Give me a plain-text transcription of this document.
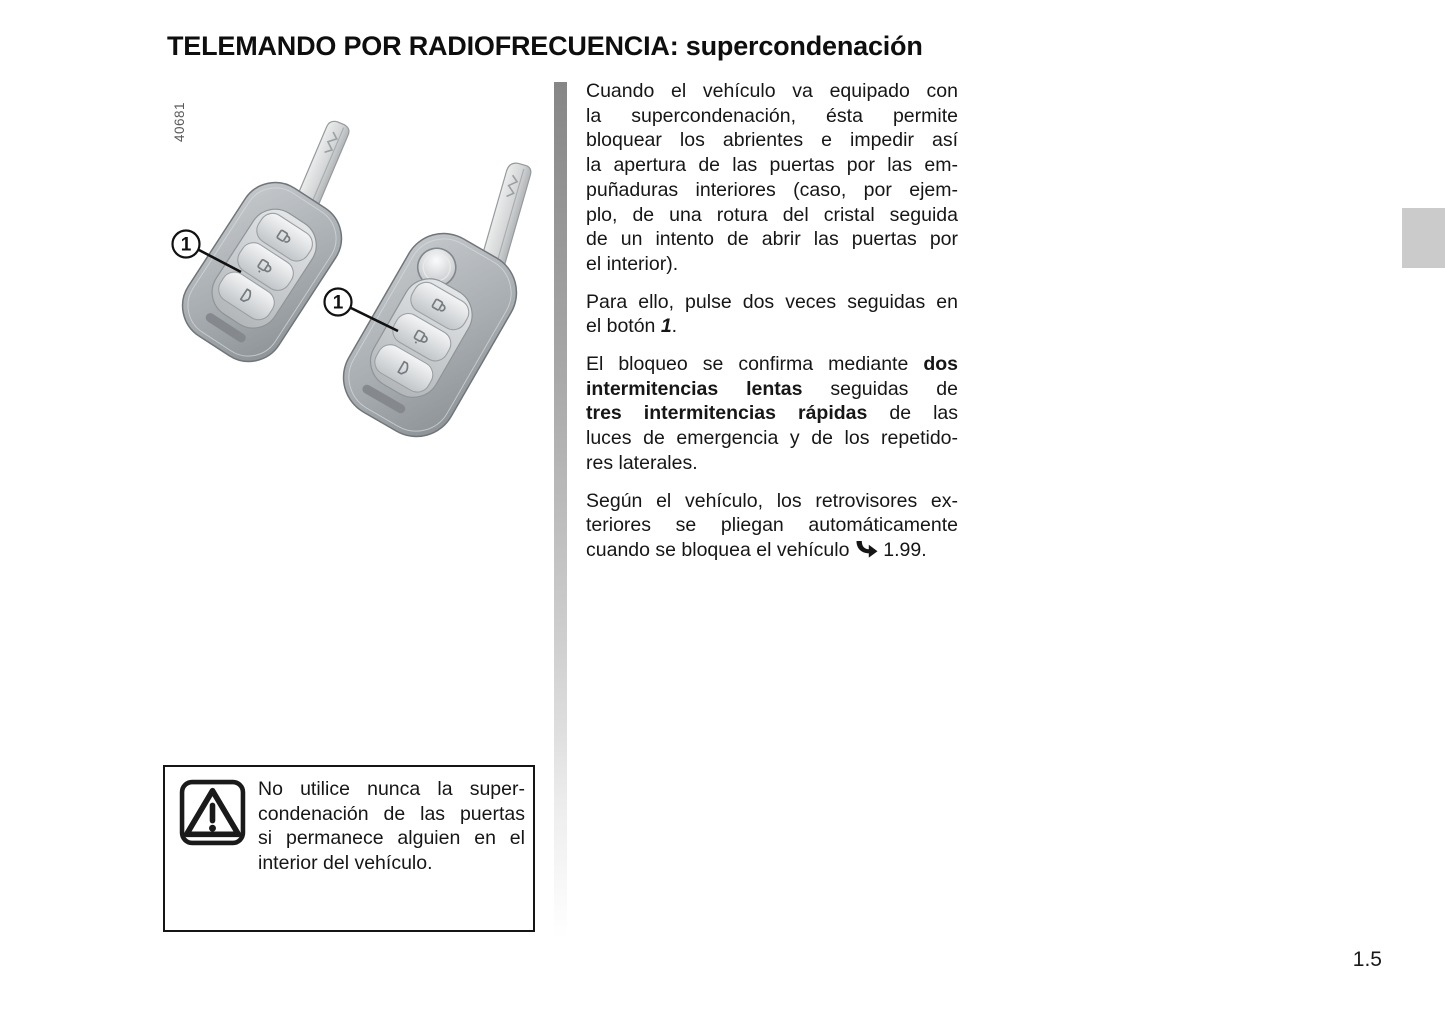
TELEMANDO POR RADIOFRECUENCIA: supercondenación
40681
1
1
Cuando el vehículo va equipado con
la supercondenación, ésta permite
bloquear los abrientes e impedir así
la apertura de las puertas por las em-
puñaduras interiores (caso, por ejem-
plo, de una rotura del cristal seguida
de un intento de abrir las puertas por
el interior).
Para ello, pulse dos veces seguidas en
el botón 1.
El bloqueo se confirma mediante dos
intermitencias lentas seguidas de
tres intermitencias rápidas de las
luces de emergencia y de los repetido-
res laterales.
Según el vehículo, los retrovisores ex-
teriores se pliegan automáticamente
cuando se bloquea el vehículo  1.99.
No utilice nunca la super-
condenación de las puertas
si permanece alguien en el
interior del vehículo.
1.5
